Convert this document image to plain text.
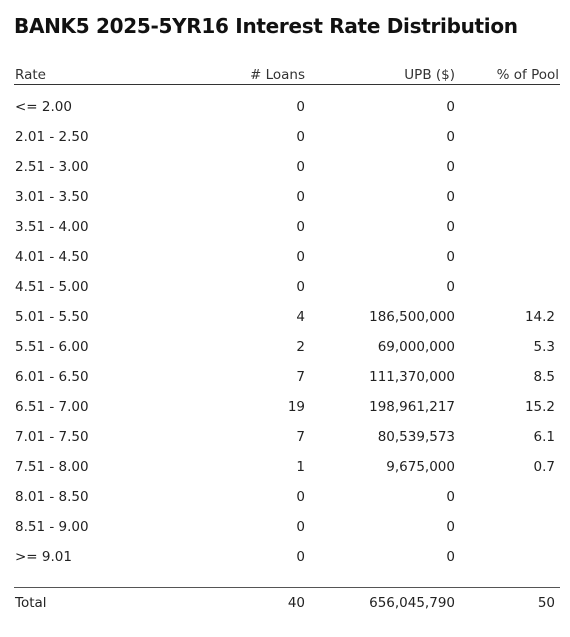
BANK5 2025-5YR16 Interest Rate Distribution
Rate	# Loans	UPB ($)	% of Pool
<= 2.00	0	0
2.01 - 2.50	0	0
2.51 - 3.00	0	0
3.01 - 3.50	0	0
3.51 - 4.00	0	0
4.01 - 4.50	0	0
4.51 - 5.00	0	0
5.01 - 5.50	4	186,500,000	14.2
5.51 - 6.00	2	69,000,000	5.3
6.01 - 6.50	7	111,370,000	8.5
6.51 - 7.00	19	198,961,217	15.2
7.01 - 7.50	7	80,539,573	6.1
7.51 - 8.00	1	9,675,000	0.7
8.01 - 8.50	0	0
8.51 - 9.00	0	0
>= 9.01	0	0
Total	40	656,045,790	50
